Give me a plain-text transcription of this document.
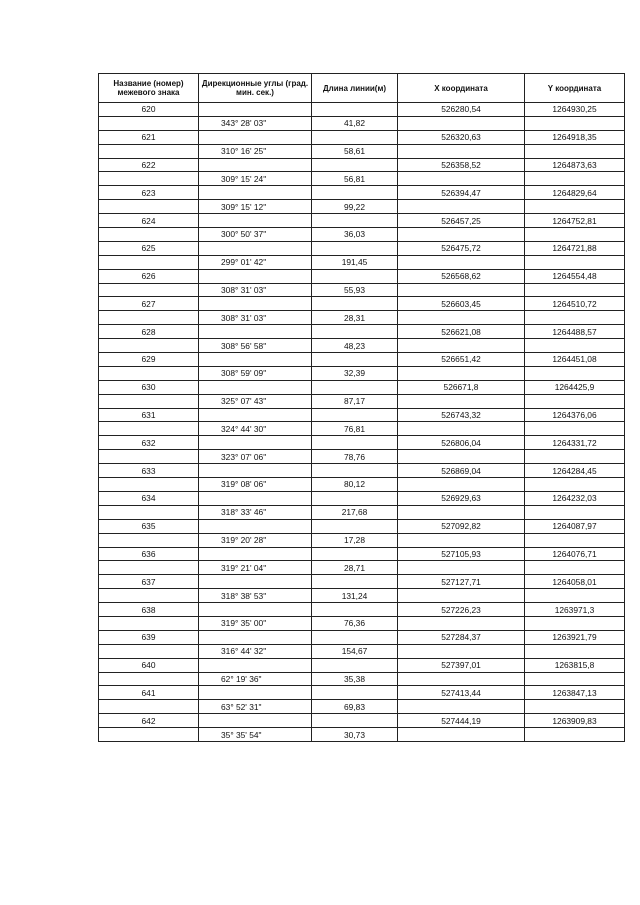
Название (номер) межевого знака	Дирекционные углы (град. мин. сек.)	Длина линии(м)	X координата	Y координата
620			526280,54	1264930,25
	343° 28' 03"	41,82		
621			526320,63	1264918,35
	310° 16' 25"	58,61		
622			526358,52	1264873,63
	309° 15' 24"	56,81		
623			526394,47	1264829,64
	309° 15' 12"	99,22		
624			526457,25	1264752,81
	300° 50' 37"	36,03		
625			526475,72	1264721,88
	299° 01' 42"	191,45		
626			526568,62	1264554,48
	308° 31' 03"	55,93		
627			526603,45	1264510,72
	308° 31' 03"	28,31		
628			526621,08	1264488,57
	308° 56' 58"	48,23		
629			526651,42	1264451,08
	308° 59' 09"	32,39		
630			526671,8	1264425,9
	325° 07' 43"	87,17		
631			526743,32	1264376,06
	324° 44' 30"	76,81		
632			526806,04	1264331,72
	323° 07' 06"	78,76		
633			526869,04	1264284,45
	319° 08' 06"	80,12		
634			526929,63	1264232,03
	318° 33' 46"	217,68		
635			527092,82	1264087,97
	319° 20' 28"	17,28		
636			527105,93	1264076,71
	319° 21' 04"	28,71		
637			527127,71	1264058,01
	318° 38' 53"	131,24		
638			527226,23	1263971,3
	319° 35' 00"	76,36		
639			527284,37	1263921,79
	316° 44' 32"	154,67		
640			527397,01	1263815,8
	62° 19' 36"	35,38		
641			527413,44	1263847,13
	63° 52' 31"	69,83		
642			527444,19	1263909,83
	35° 35' 54"	30,73		
